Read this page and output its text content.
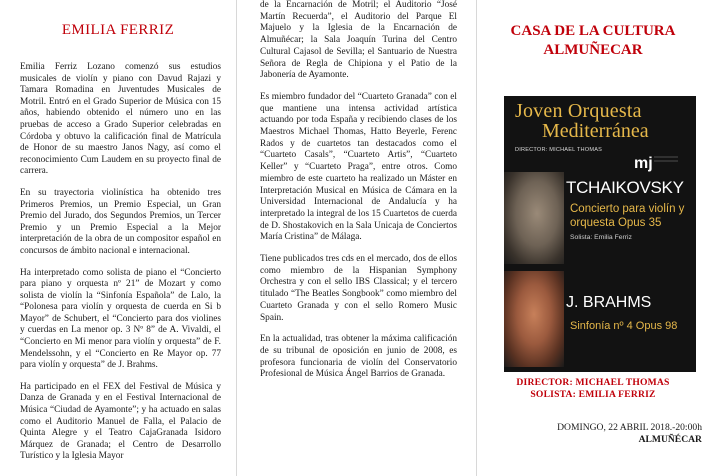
EMILIA FERRIZ

Emilia Ferriz Lozano comenzó sus estudios musicales de violín y piano con Davud Rajazi y Tamara Romadina en Juventudes Musicales de Motril. Entró en el Grado Superior de Música con 15 años, habiendo obtenido el número uno en las pruebas de acceso a Grado Superior celebradas en Córdoba y obtuvo la calificación final de Matrícula de Honor de su maestro Janos Nagy, así como el reconocimiento Cum Laudem en su proyecto final de carrera.

En su trayectoria violinística ha obtenido tres Primeros Premios, un Premio Especial, un Gran Premio del Jurado, dos Segundos Premios, un Tercer Premio y un Premio Especial a la Mejor interpretación de la obra de un compositor español en concursos de ámbito nacional e internacional.

Ha interpretado como solista de piano el “Concierto para piano y orquesta nº 21” de Mozart y como solista de violín la “Sinfonía Española” de Lalo, la “Polonesa para violín y orquesta de cuerda en Si b Mayor” de Schubert, el “Concierto para dos violines y cuerdas en La menor op. 3 Nº 8” de A. Vivaldi, el “Concierto en Mi menor para violín y orquesta” de F. Mendelssohn, y el “Concierto en Re Mayor op. 77 para violín y orquesta” de J. Brahms.

Ha participado en el FEX del Festival de Música y Danza de Granada y en el Festival Internacional de Música “Ciudad de Ayamonte”; y ha actuado en salas como el Auditorio Manuel de Falla, el Palacio de Quinta Alegre y el Teatro CajaGranada Isidoro Márquez de Granada; el Centro de Desarrollo Turístico y la Iglesia Mayor

de la Encarnación de Motril; el Auditorio “José Martín Recuerda”, el Auditorio del Parque El Majuelo y la Iglesia de la Encarnación de Almuñécar; la Sala Joaquín Turina del Centro Cultural Cajasol de Sevilla; el Santuario de Nuestra Señora de Regla de Chipiona y el Patio de la Jabonería de Ayamonte.

Es miembro fundador del “Cuarteto Granada” con el que mantiene una intensa actividad artística actuando por toda España y recibiendo clases de los Maestros Michael Thomas, Hatto Beyerle, Ferenc Rados y de cuartetos tan destacados como el “Cuarteto Casals”, “Cuarteto Artis”, “Cuarteto Keller” y “Cuarteto Praga”, entre otros. Como miembro de este cuarteto ha realizado un Máster en Interpretación Musical en Música de Cámara en la Universidad Internacional de Andalucía y ha interpretado la integral de los 15 Cuartetos de cuerda de D. Shostakovich en la Sala Unicaja de Conciertos María Cristina” de Málaga.

Tiene publicados tres cds en el mercado, dos de ellos como miembro de la Hispanian Symphony Orchestra y con el sello IBS Classical; y el tercero titulado “The Beatles Songbook” como miembro del Cuarteto Granada y con el sello Romero Music Spain.

En la actualidad, tras obtener la máxima calificación de su tribunal de oposición en junio de 2008, es profesora funcionaria de violín del Conservatorio Profesional de Música Ángel Barrios de Granada.

CASA DE LA CULTURA
ALMUÑECAR
Joven Orquesta
Mediterránea
DIRECTOR: MICHAEL THOMAS
mj
TCHAIKOVSKY
Concierto para violín y
orquesta Opus 35
Solista: Emilia Ferriz
J. BRAHMS
Sinfonía nº 4 Opus 98
DIRECTOR: MICHAEL THOMAS
SOLISTA: EMILIA FERRIZ
DOMINGO, 22 ABRIL 2018.-20:00h
ALMUÑÉCAR
